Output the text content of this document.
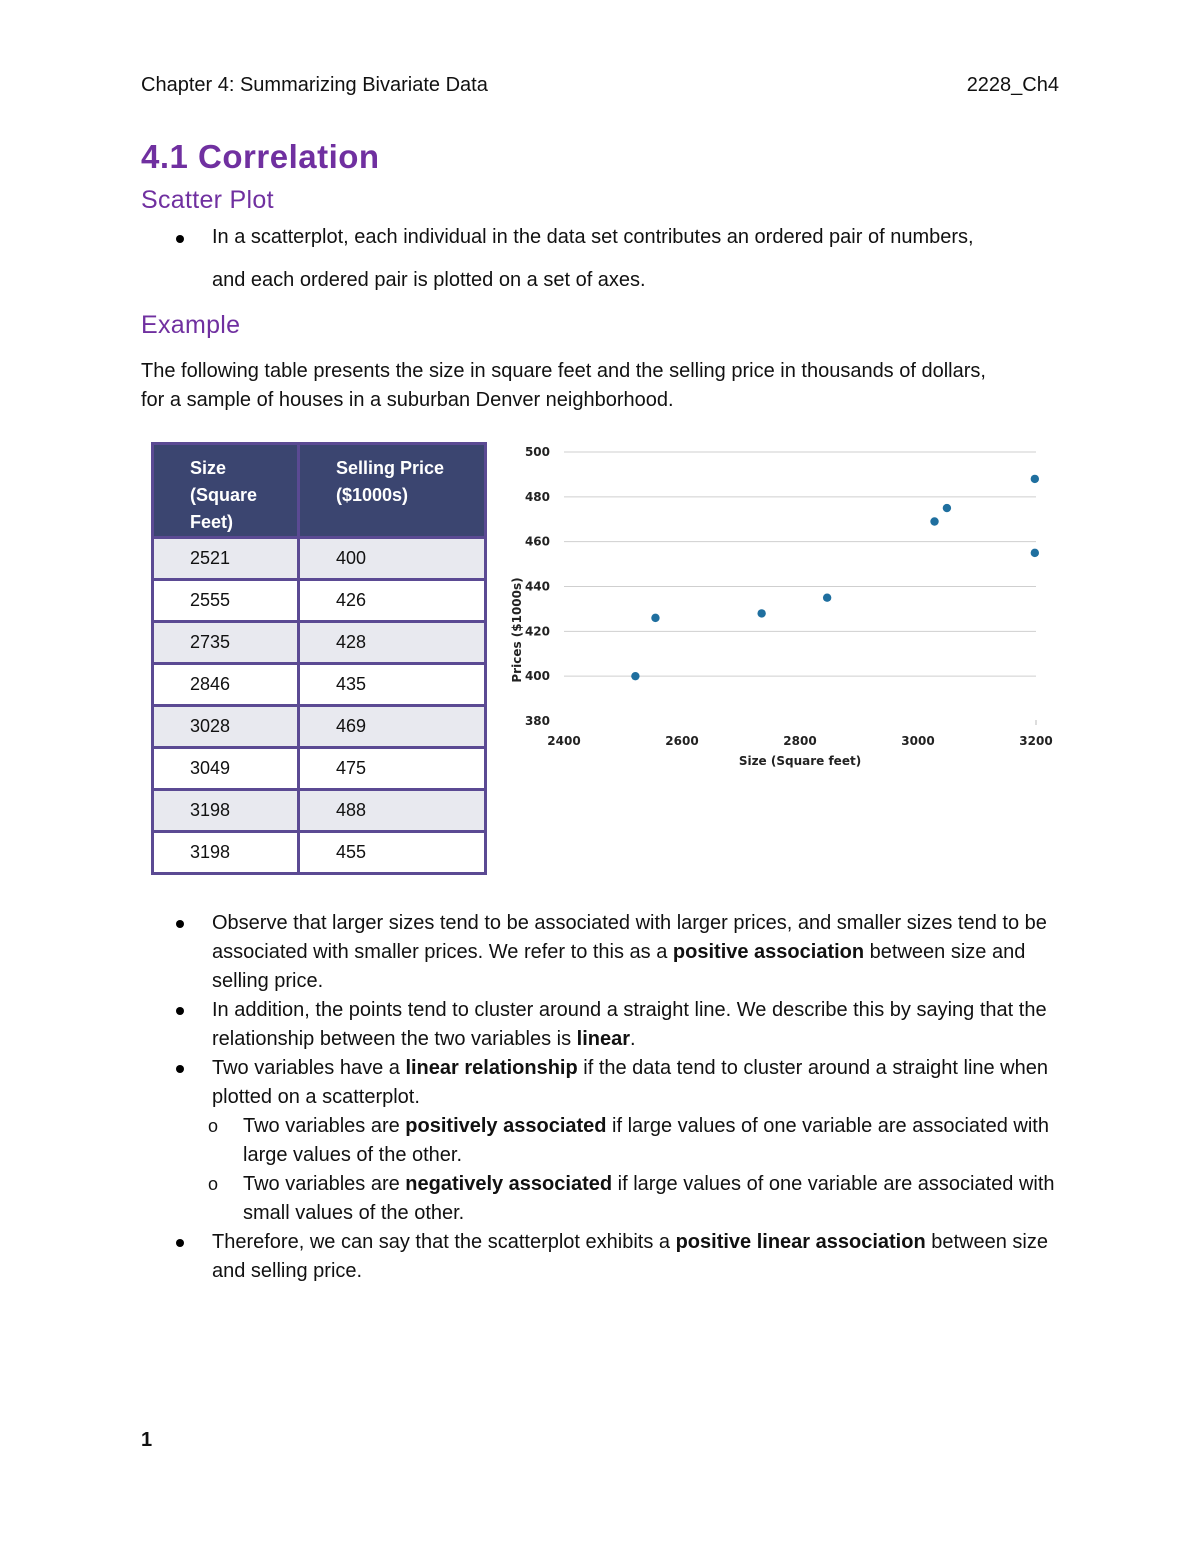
Chapter 4: Summarizing Bivariate Data	2228_Ch4
4.1 Correlation
Scatter Plot
In a scatterplot, each individual in the data set contributes an ordered pair of numbers,
and each ordered pair is plotted on a set of axes.
Example
The following table presents the size in square feet and the selling price in thousands of dollars,
for a sample of houses in a suburban Denver neighborhood.
Size (Square Feet)	Selling Price ($1000s)
2521	400
2555	426
2735	428
2846	435
3028	469
3049	475
3198	488
3198	455
380
400
420
440
460
480
500
2400	2600	2800	3000	3200
Size (Square feet)
Prices ($1000s)
Observe that larger sizes tend to be associated with larger prices, and smaller sizes tend to be associated with smaller prices. We refer to this as a positive association between size and selling price.
In addition, the points tend to cluster around a straight line. We describe this by saying that the relationship between the two variables is linear.
Two variables have a linear relationship if the data tend to cluster around a straight line when plotted on a scatterplot.
o Two variables are positively associated if large values of one variable are associated with large values of the other.
o Two variables are negatively associated if large values of one variable are associated with small values of the other.
Therefore, we can say that the scatterplot exhibits a positive linear association between size and selling price.
1
